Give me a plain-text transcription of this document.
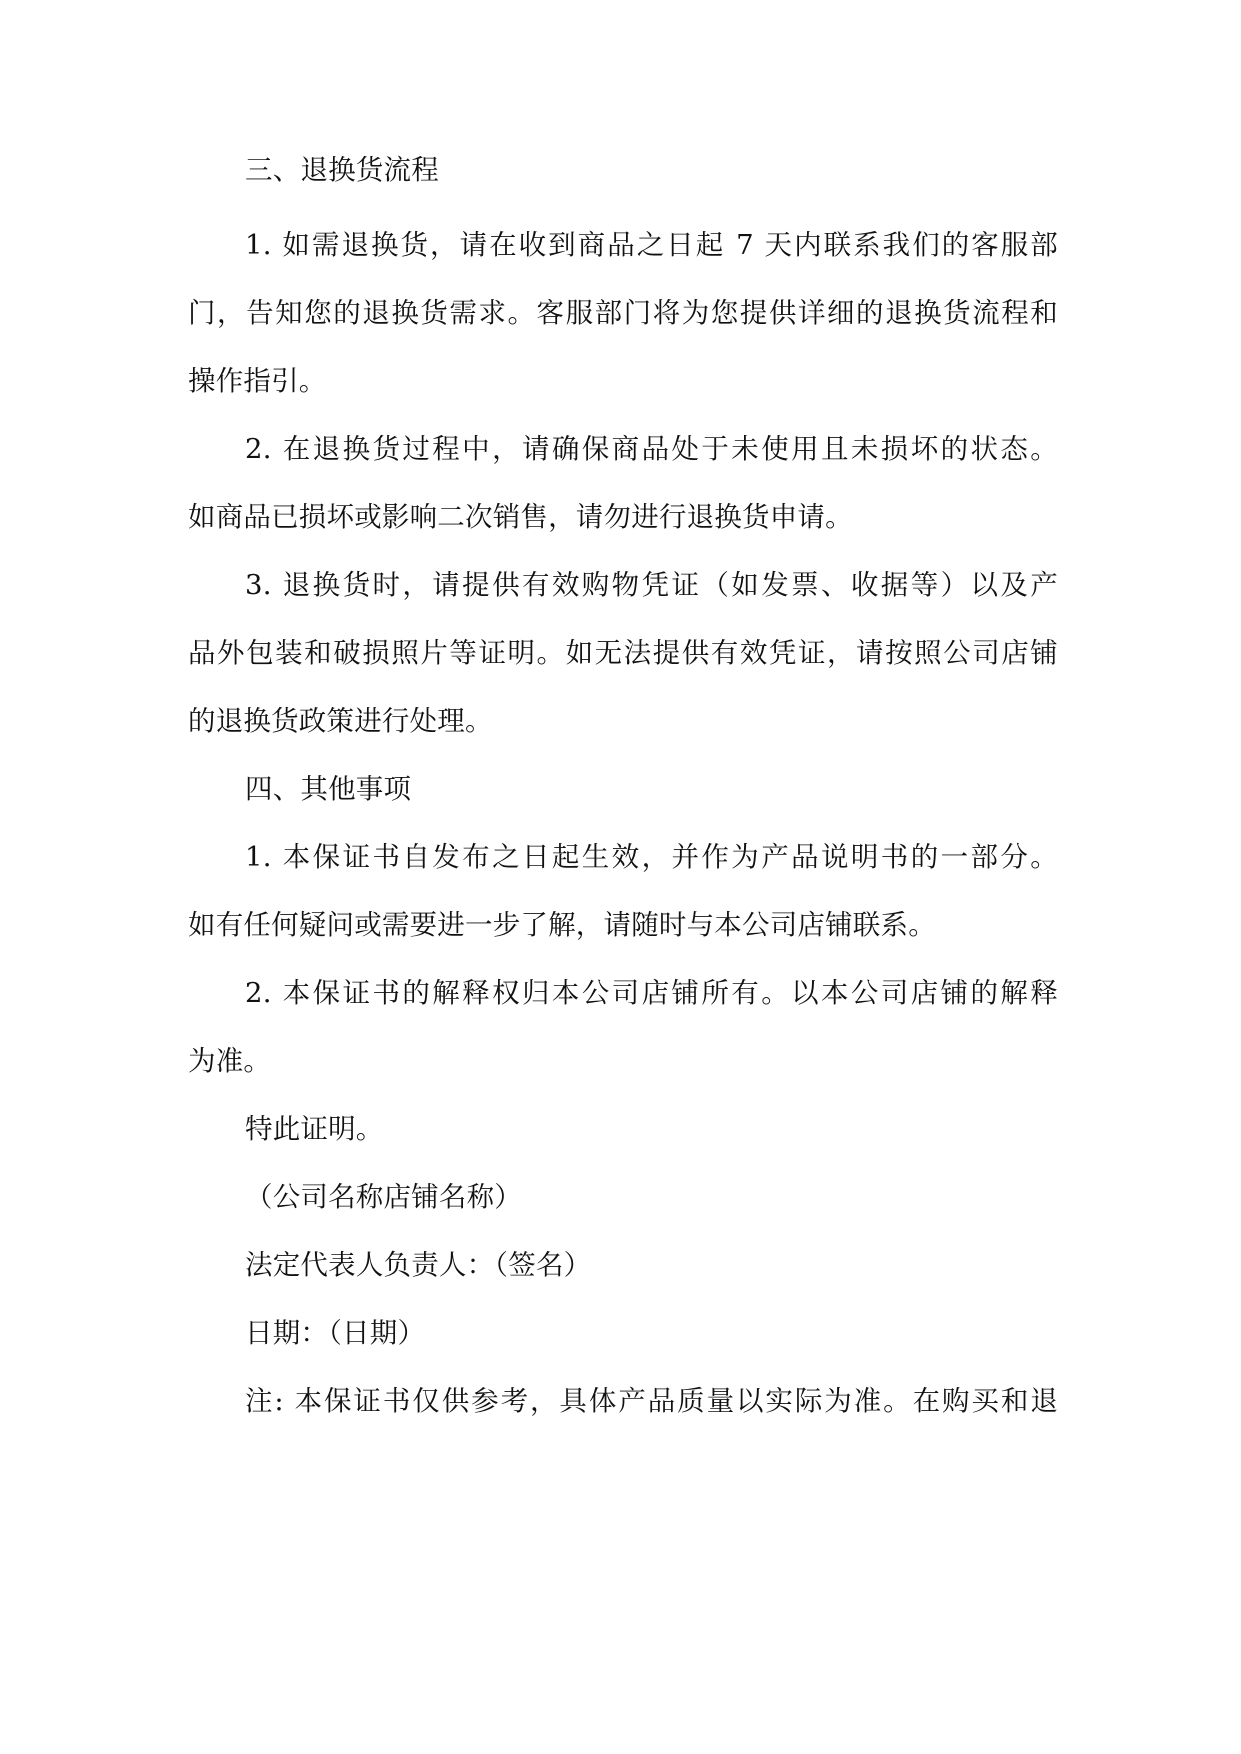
三、退换货流程
1. 如需退换货，请在收到商品之日起 7 天内联系我们的客服部
门，告知您的退换货需求。客服部门将为您提供详细的退换货流程和
操作指引。
2. 在退换货过程中，请确保商品处于未使用且未损坏的状态。
如商品已损坏或影响二次销售，请勿进行退换货申请。
3. 退换货时，请提供有效购物凭证（如发票、收据等）以及产
品外包装和破损照片等证明。如无法提供有效凭证，请按照公司店铺
的退换货政策进行处理。
四、其他事项
1. 本保证书自发布之日起生效，并作为产品说明书的一部分。
如有任何疑问或需要进一步了解，请随时与本公司店铺联系。
2. 本保证书的解释权归本公司店铺所有。以本公司店铺的解释
为准。
特此证明。
（公司名称店铺名称）
法定代表人负责人：（签名）
日期：（日期）
注: 本保证书仅供参考，具体产品质量以实际为准。在购买和退
